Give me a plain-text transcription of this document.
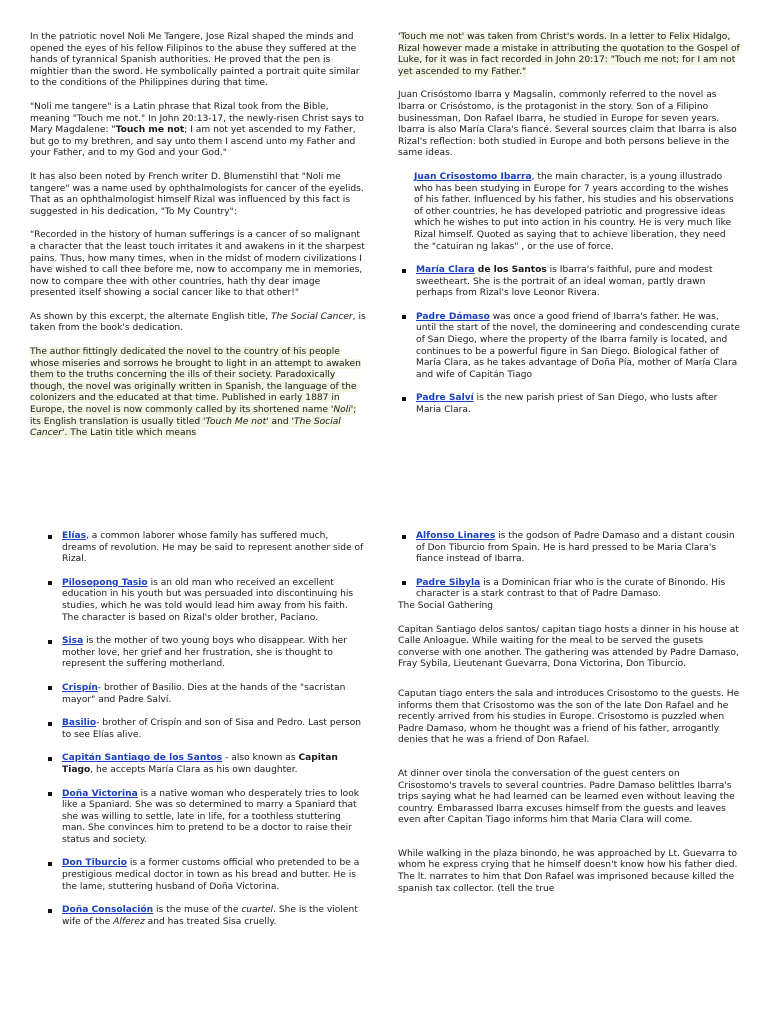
In the patriotic novel Noli Me Tangere, Jose Rizal shaped the minds and opened the eyes of his fellow Filipinos to the abuse they suffered at the hands of tyrannical Spanish authorities. He proved that the pen is mightier than the sword. He symbolically painted a portrait quite similar to the conditions of the Philippines during that time.

"Noli me tangere" is a Latin phrase that Rizal took from the Bible, meaning "Touch me not." In John 20:13-17, the newly-risen Christ says to Mary Magdalene: "Touch me not; I am not yet ascended to my Father, but go to my brethren, and say unto them I ascend unto my Father and your Father, and to my God and your God."

It has also been noted by French writer D. Blumenstihl that "Noli me tangere" was a name used by ophthalmologists for cancer of the eyelids. That as an ophthalmologist himself Rizal was influenced by this fact is suggested in his dedication, "To My Country":

"Recorded in the history of human sufferings is a cancer of so malignant a character that the least touch irritates it and awakens in it the sharpest pains. Thus, how many times, when in the midst of modern civilizations I have wished to call thee before me, now to accompany me in memories, now to compare thee with other countries, hath thy dear image presented itself showing a social cancer like to that other!"

As shown by this excerpt, the alternate English title, The Social Cancer, is taken from the book's dedication.

The author fittingly dedicated the novel to the country of his people whose miseries and sorrows he brought to light in an attempt to awaken them to the truths concerning the ills of their society. Paradoxically though, the novel was originally written in Spanish, the language of the colonizers and the educated at that time. Published in early 1887 in Europe, the novel is now commonly called by its shortened name 'Noli'; its English translation is usually titled 'Touch Me not' and 'The Social Cancer'. The Latin title which means

'Touch me not' was taken from Christ's words. In a letter to Felix Hidalgo, Rizal however made a mistake in attributing the quotation to the Gospel of Luke, for it was in fact recorded in John 20:17: "Touch me not; for I am not yet ascended to my Father."

Juan Crisóstomo Ibarra y Magsalin, commonly referred to the novel as Ibarra or Crisóstomo, is the protagonist in the story. Son of a Filipino businessman, Don Rafael Ibarra, he studied in Europe for seven years. Ibarra is also María Clara's fiancé. Several sources claim that Ibarra is also Rizal's reflection: both studied in Europe and both persons believe in the same ideas.

Juan Crisostomo Ibarra, the main character, is a young illustrado who has been studying in Europe for 7 years according to the wishes of his father. Influenced by his father, his studies and his observations of other countries, he has developed patriotic and progressive ideas which he wishes to put into action in his country. He is very much like Rizal himself. Quoted as saying that to achieve liberation, they need the "catuiran ng lakas" , or the use of force.

María Clara de los Santos is Ibarra's faithful, pure and modest sweetheart. She is the portrait of an ideal woman, partly drawn perhaps from Rizal's love Leonor Rivera.
Padre Dámaso was once a good friend of Ibarra's father. He was, until the start of the novel, the domineering and condescending curate of San Diego, where the property of the Ibarra family is located, and continues to be a powerful figure in San Diego. Biological father of María Clara, as he takes advantage of Doña Pía, mother of María Clara and wife of Capitán Tiago
Padre Salví is the new parish priest of San Diego, who lusts after Maria Clara.
Elías, a common laborer whose family has suffered much, dreams of revolution. He may be said to represent another side of Rizal.
Pilosopong Tasio is an old man who received an excellent education in his youth but was persuaded into discontinuing his studies, which he was told would lead him away from his faith. The character is based on Rizal's older brother, Paciano.
Sisa is the mother of two young boys who disappear. With her mother love, her grief and her frustration, she is thought to represent the suffering motherland.
Crispín- brother of Basilio. Dies at the hands of the "sacristan mayor" and Padre Salví.
Basilio- brother of Crispín and son of Sisa and Pedro. Last person to see Elías alive.
Capitán Santiago de los Santos - also known as Capitan Tiago, he accepts María Clara as his own daughter.
Doña Victorina is a native woman who desperately tries to look like a Spaniard. She was so determined to marry a Spaniard that she was willing to settle, late in life, for a toothless stuttering man. She convinces him to pretend to be a doctor to raise their status and society.
Don Tiburcio is a former customs official who pretended to be a prestigious medical doctor in town as his bread and butter. He is the lame, stuttering husband of Doña Victorina.
Doña Consolación is the muse of the cuartel. She is the violent wife of the Alferez and has treated Sisa cruelly.
Alfonso Linares is the godson of Padre Damaso and a distant cousin of Don Tiburcio from Spain. He is hard pressed to be Maria Clara's fiance instead of Ibarra.
Padre Sibyla is a Dominican friar who is the curate of Binondo. His character is a stark contrast to that of Padre Damaso.

The Social Gathering

Capitan Santiago delos santos/ capitan tiago hosts a dinner in his house at Calle Anloague. While waiting for the meal to be served the gusets converse with one another. The gathering was attended by Padre Damaso, Fray Sybila, Lieutenant Guevarra, Dona Victorina, Don Tiburcio.

Caputan tiago enters the sala and introduces Crisostomo to the guests. He informs them that Crisostomo was the son of the late Don Rafael and he recently arrived from his studies in Europe. Crisostomo is puzzled when Padre Damaso, whom he thought was a friend of his father, arrogantly denies that he was a friend of Don Rafael.

At dinner over tinola the conversation of the guest centers on Crisostomo's travels to several countries. Padre Damaso belittles Ibarra's trips saying what he had learned can be learned even without leaving the country. Embarassed Ibarra excuses himself from the guests and leaves even after Capitan Tiago informs him that Maria Clara will come.

While walking in the plaza binondo, he was approached by Lt. Guevarra to whom he express crying that he himself doesn't know how his father died. The lt. narrates to him that Don Rafael was imprisoned because killed the spanish tax collector. (tell the true
